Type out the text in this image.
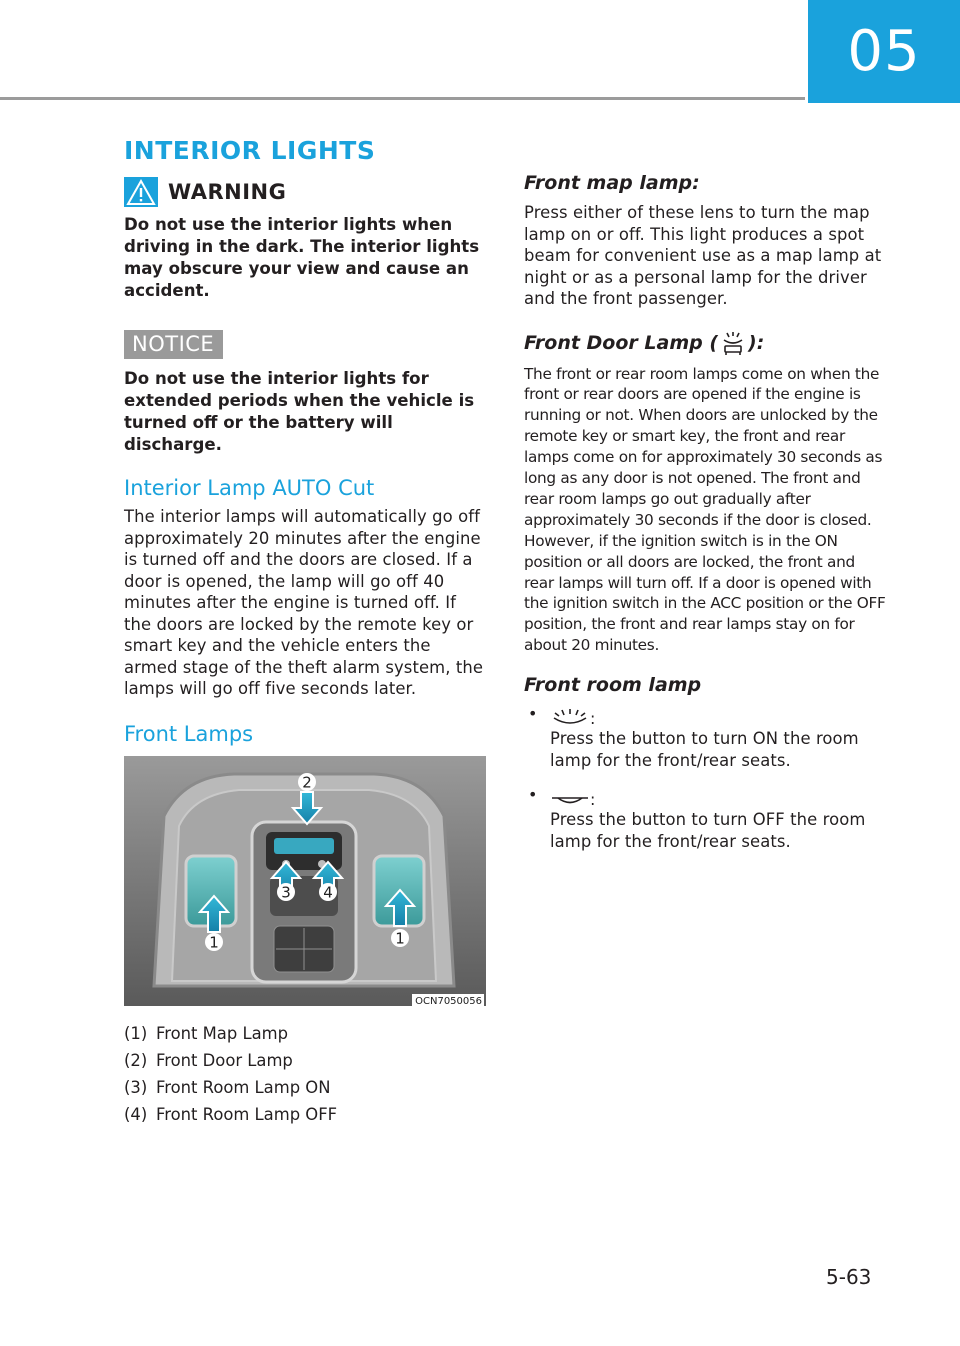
05
INTERIOR LIGHTS
WARNING

Do not use the interior lights when driving in the dark. The interior lights may obscure your view and cause an accident.

NOTICE

Do not use the interior lights for extended periods when the vehicle is turned off or the battery will discharge.

Interior Lamp AUTO Cut

The interior lamps will automatically go off approximately 20 minutes after the engine is turned off and the doors are closed. If a door is opened, the lamp will go off 40 minutes after the engine is turned off. If the doors are locked by the remote key or smart key and the vehicle enters the armed stage of the theft alarm system, the lamps will go off five seconds later.

Front Lamps
1	1
2
3 4
OCN7050056
(1) Front Map Lamp
(2) Front Door Lamp
(3) Front Room Lamp ON
(4) Front Room Lamp OFF
Front map lamp:

Press either of these lens to turn the map lamp on or off. This light produces a spot beam for convenient use as a map lamp at night or as a personal lamp for the driver and the front passenger.

Front Door Lamp ( ):

The front or rear room lamps come on when the front or rear doors are opened if the engine is running or not. When doors are unlocked by the remote key or smart key, the front and rear lamps come on for approximately 30 seconds as long as any door is not opened. The front and rear room lamps go out gradually after approximately 30 seconds if the door is closed. However, if the ignition switch is in the ON position or all doors are locked, the front and rear lamps will turn off. If a door is opened with the ignition switch in the ACC position or the OFF position, the front and rear lamps stay on for about 20 minutes.

Front room lamp
• :

Press the button to turn ON the room lamp for the front/rear seats.

• :

Press the button to turn OFF the room lamp for the front/rear seats.

5-63
